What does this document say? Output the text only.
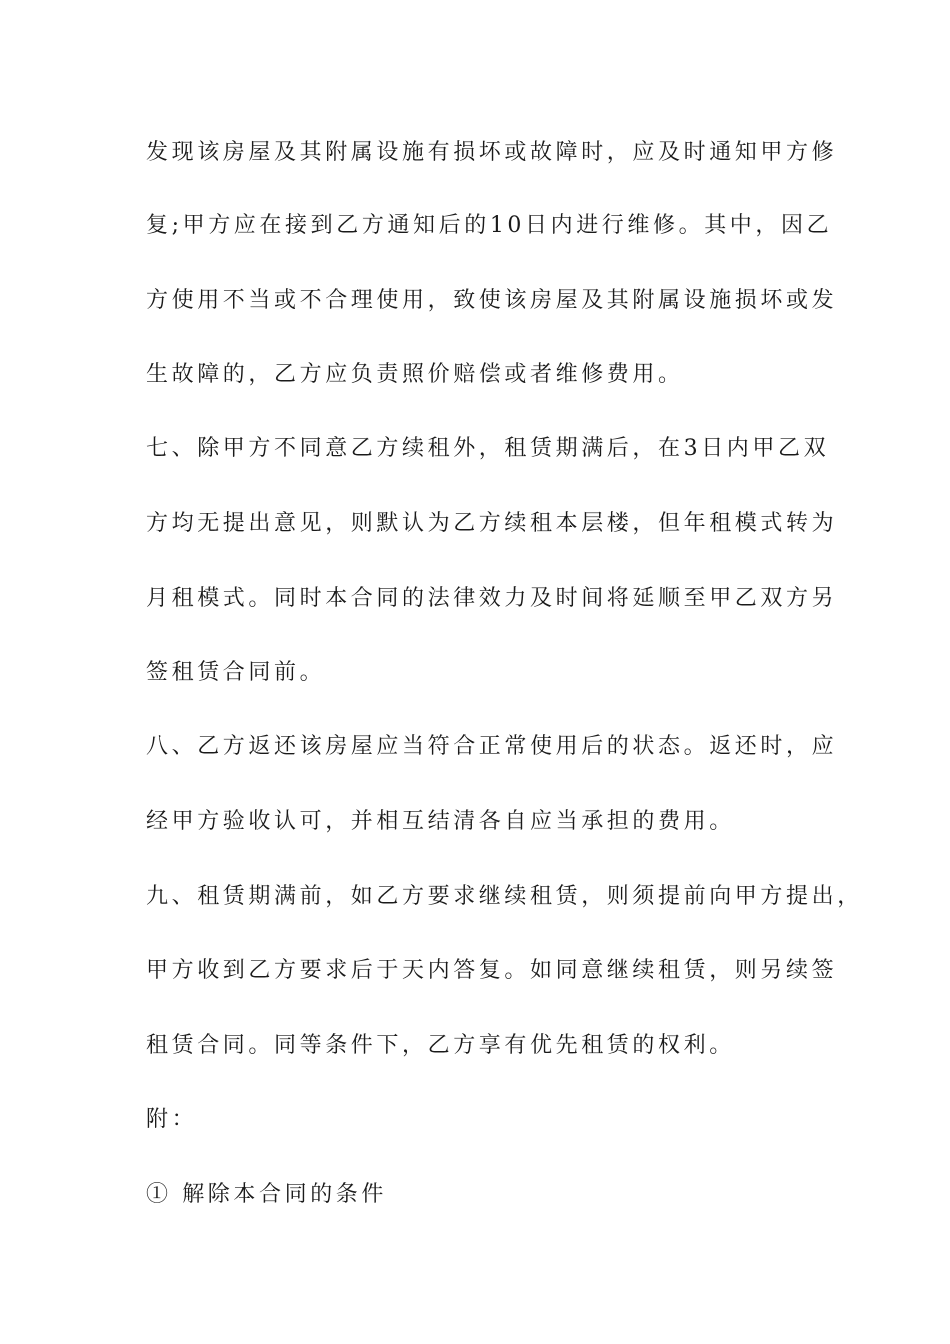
发现该房屋及其附属设施有损坏或故障时，应及时通知甲方修
复;甲方应在接到乙方通知后的10日内进行维修。其中，因乙
方使用不当或不合理使用，致使该房屋及其附属设施损坏或发
生故障的，乙方应负责照价赔偿或者维修费用。
七、除甲方不同意乙方续租外，租赁期满后，在3日内甲乙双
方均无提出意见，则默认为乙方续租本层楼，但年租模式转为
月租模式。同时本合同的法律效力及时间将延顺至甲乙双方另
签租赁合同前。
八、乙方返还该房屋应当符合正常使用后的状态。返还时，应
经甲方验收认可，并相互结清各自应当承担的费用。
九、租赁期满前，如乙方要求继续租赁，则须提前向甲方提出，
甲方收到乙方要求后于天内答复。如同意继续租赁，则另续签
租赁合同。同等条件下，乙方享有优先租赁的权利。
附：
① 解除本合同的条件
